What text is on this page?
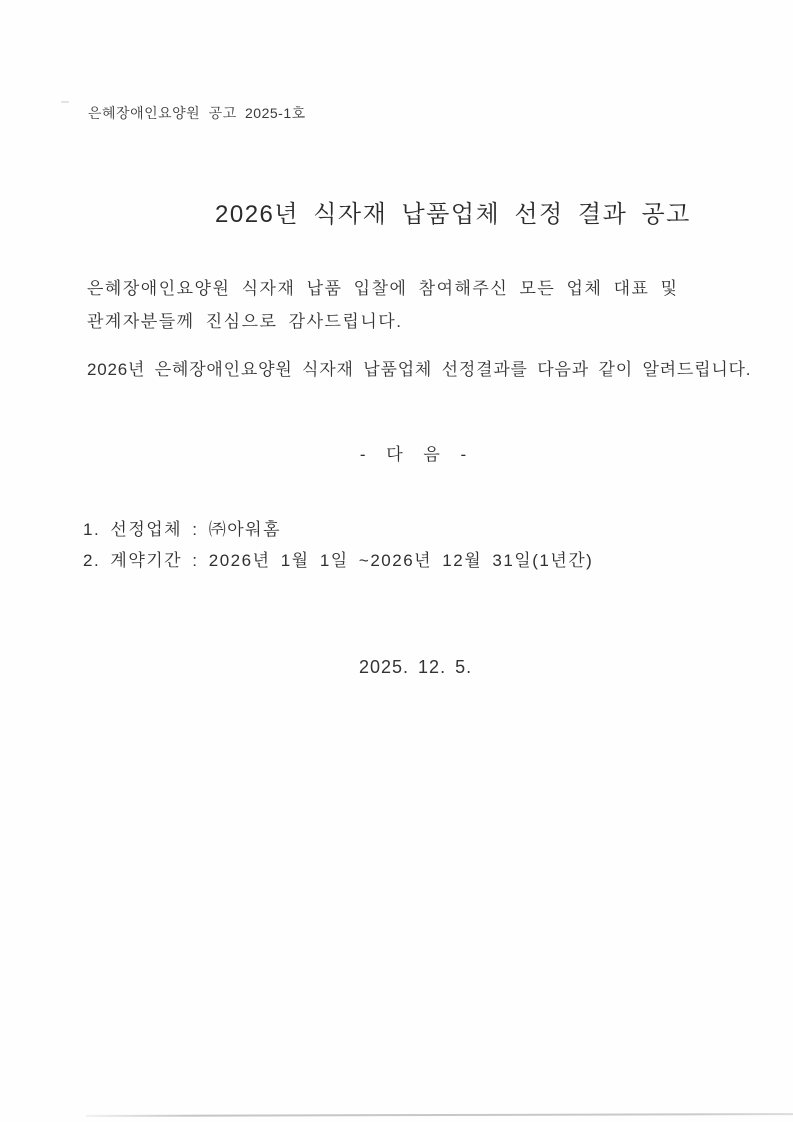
은혜장애인요양원 공고 2025-1호
2026년 식자재 납품업체 선정 결과 공고
은혜장애인요양원 식자재 납품 입찰에 참여해주신 모든 업체 대표 및
관계자분들께 진심으로 감사드립니다.
2026년 은혜장애인요양원 식자재 납품업체 선정결과를 다음과 같이 알려드립니다.
- 다 음 -
1. 선정업체 : ㈜아워홈
2. 계약기간 : 2026년 1월 1일 ~2026년 12월 31일(1년간)
2025. 12. 5.
